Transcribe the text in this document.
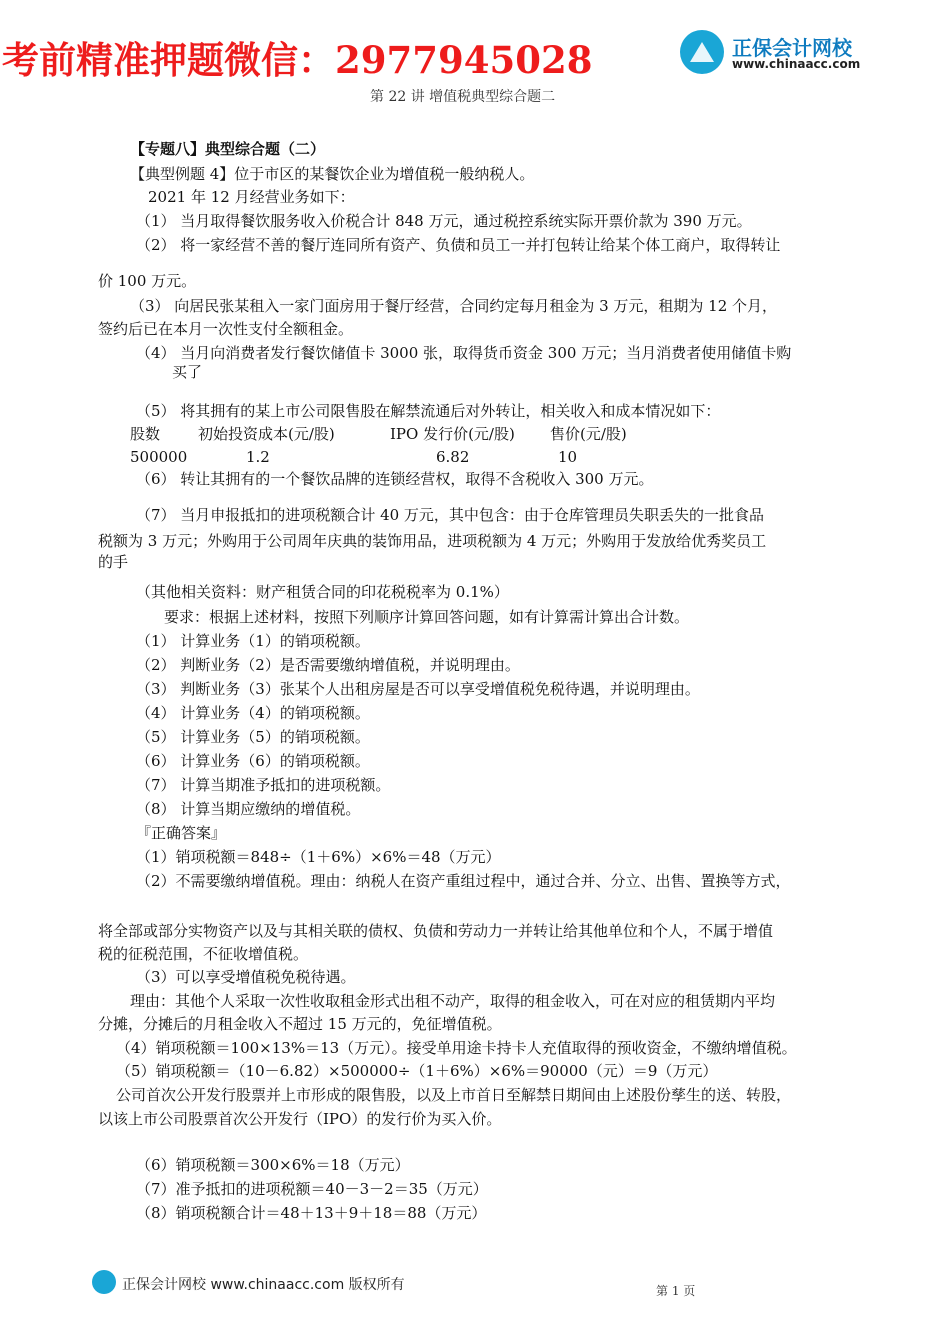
考前精准押题微信：2977945028	正保会计网校
www.chinaacc.com
第 22 讲 增值税典型综合题二
【专题八】典型综合题（二）
【典型例题 4】位于市区的某餐饮企业为增值税一般纳税人。
2021 年 12 月经营业务如下：
（1） 当月取得餐饮服务收入价税合计 848 万元，通过税控系统实际开票价款为 390 万元。
（2） 将一家经营不善的餐厅连同所有资产、负债和员工一并打包转让给某个体工商户，取得转让
价 100 万元。
（3） 向居民张某租入一家门面房用于餐厅经营，合同约定每月租金为 3 万元，租期为 12 个月，
签约后已在本月一次性支付全额租金。
（4） 当月向消费者发行餐饮储值卡 3000 张，取得货币资金 300 万元；当月消费者使用储值卡购
买了
（5） 将其拥有的某上市公司限售股在解禁流通后对外转让，相关收入和成本情况如下：
股数	初始投资成本(元/股)	IPO 发行价(元/股) 售价(元/股)
500000	1.2	6.82	10
（6） 转让其拥有的一个餐饮品牌的连锁经营权，取得不含税收入 300 万元。
（7） 当月申报抵扣的进项税额合计 40 万元，其中包含：由于仓库管理员失职丢失的一批食品
税额为 3 万元；外购用于公司周年庆典的装饰用品，进项税额为 4 万元；外购用于发放给优秀奖员工
的手
（其他相关资料：财产租赁合同的印花税税率为 0.1%）
要求：根据上述材料，按照下列顺序计算回答问题，如有计算需计算出合计数。
（1） 计算业务（1）的销项税额。
（2） 判断业务（2）是否需要缴纳增值税，并说明理由。
（3） 判断业务（3）张某个人出租房屋是否可以享受增值税免税待遇，并说明理由。
（4） 计算业务（4）的销项税额。
（5） 计算业务（5）的销项税额。
（6） 计算业务（6）的销项税额。
（7） 计算当期准予抵扣的进项税额。
（8） 计算当期应缴纳的增值税。
『正确答案』
（1）销项税额＝848÷（1＋6%）×6%＝48（万元）
（2）不需要缴纳增值税。理由：纳税人在资产重组过程中，通过合并、分立、出售、置换等方式，
将全部或部分实物资产以及与其相关联的债权、负债和劳动力一并转让给其他单位和个人，不属于增值
税的征税范围，不征收增值税。
（3）可以享受增值税免税待遇。
理由：其他个人采取一次性收取租金形式出租不动产，取得的租金收入，可在对应的租赁期内平均
分摊，分摊后的月租金收入不超过 15 万元的，免征增值税。
（4）销项税额＝100×13%＝13（万元）。接受单用途卡持卡人充值取得的预收资金，不缴纳增值税。
（5）销项税额＝（10－6.82）×500000÷（1＋6%）×6%＝90000（元）＝9（万元）
公司首次公开发行股票并上市形成的限售股，以及上市首日至解禁日期间由上述股份孳生的送、转股，
以该上市公司股票首次公开发行（IPO）的发行价为买入价。
（6）销项税额＝300×6%＝18（万元）
（7）准予抵扣的进项税额＝40－3－2＝35（万元）
（8）销项税额合计＝48＋13＋9＋18＝88（万元）
正保会计网校 www.chinaacc.com 版权所有	第 1 页
